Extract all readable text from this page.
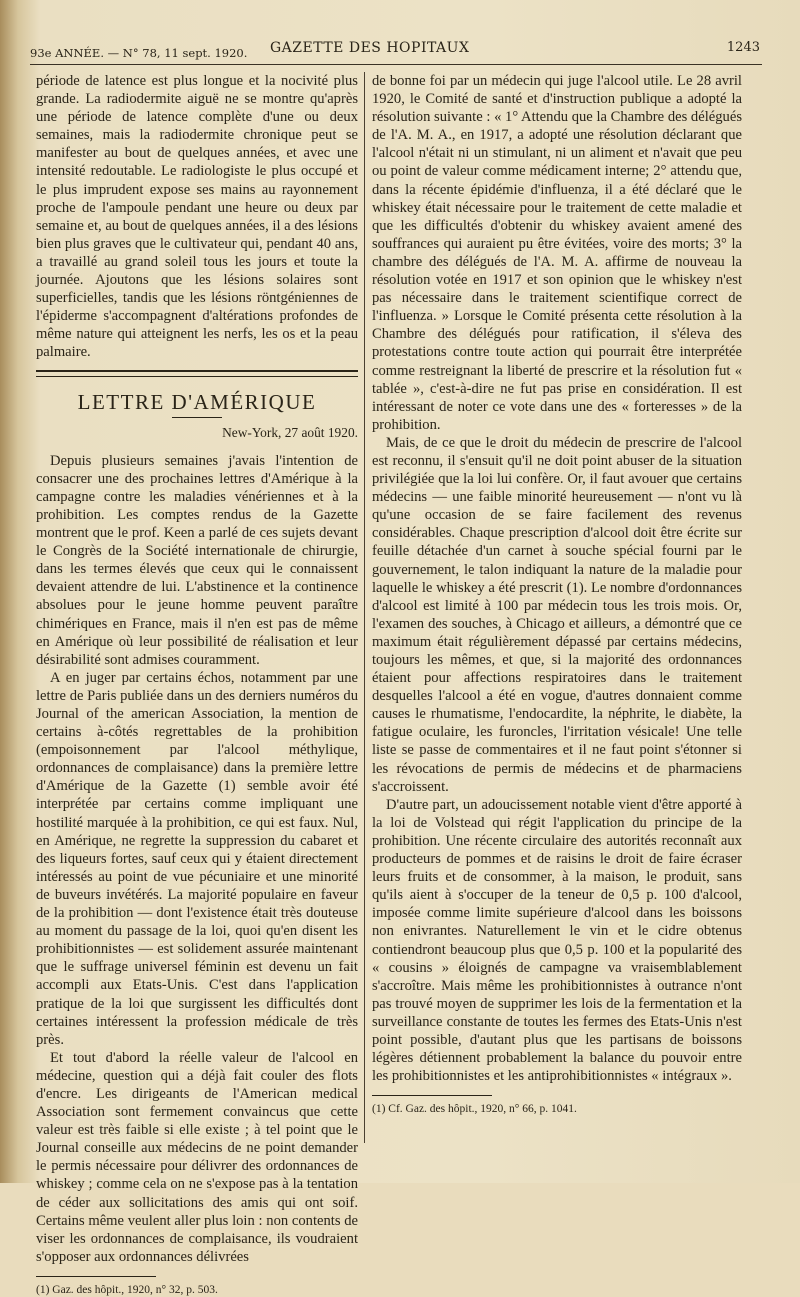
93e ANNÉE. — N° 78, 11 sept. 1920. GAZETTE DES HOPITAUX	1243

période de latence est plus longue et la nocivité plus grande. La radiodermite aiguë ne se montre qu'après une période de latence complète d'une ou deux semaines, mais la radiodermite chronique peut se manifester au bout de quelques années, et avec une intensité redoutable. Le radiologiste le plus occupé et le plus imprudent expose ses mains au rayonnement proche de l'ampoule pendant une heure ou deux par semaine et, au bout de quelques années, il a des lésions bien plus graves que le cultivateur qui, pendant 40 ans, a travaillé au grand soleil tous les jours et toute la journée. Ajoutons que les lésions solaires sont superficielles, tandis que les lésions röntgéniennes de l'épiderme s'accompagnent d'altérations profondes de même nature qui atteignent les nerfs, les os et la peau palmaire.

LETTRE D'AMÉRIQUE
New-York, 27 août 1920.

Depuis plusieurs semaines j'avais l'intention de consacrer une des prochaines lettres d'Amérique à la campagne contre les maladies vénériennes et à la prohibition. Les comptes rendus de la Gazette montrent que le prof. Keen a parlé de ces sujets devant le Congrès de la Société internationale de chirurgie, dans les termes élevés que ceux qui le connaissent devaient attendre de lui. L'abstinence et la continence absolues pour le jeune homme peuvent paraître chimériques en France, mais il n'en est pas de même en Amérique où leur possibilité de réalisation et leur désirabilité sont admises couramment.

A en juger par certains échos, notamment par une lettre de Paris publiée dans un des derniers numéros du Journal of the american Association, la mention de certains à-côtés regrettables de la prohibition (empoisonnement par l'alcool méthylique, ordonnances de complaisance) dans la première lettre d'Amérique de la Gazette (1) semble avoir été interprétée par certains comme impliquant une hostilité marquée à la prohibition, ce qui est faux. Nul, en Amérique, ne regrette la suppression du cabaret et des liqueurs fortes, sauf ceux qui y étaient directement intéressés au point de vue pécuniaire et une minorité de buveurs invétérés. La majorité populaire en faveur de la prohibition — dont l'existence était très douteuse au moment du passage de la loi, quoi qu'en disent les prohibitionnistes — est solidement assurée maintenant que le suffrage universel féminin est devenu un fait accompli aux Etats-Unis. C'est dans l'application pratique de la loi que surgissent les difficultés dont certaines intéressent la profession médicale de très près.

Et tout d'abord la réelle valeur de l'alcool en médecine, question qui a déjà fait couler des flots d'encre. Les dirigeants de l'American medical Association sont fermement convaincus que cette valeur est très faible si elle existe ; à tel point que le Journal conseille aux médecins de ne point demander le permis nécessaire pour délivrer des ordonnances de whiskey ; comme cela on ne s'expose pas à la tentation de céder aux sollicitations des amis qui ont soif. Certains même veulent aller plus loin : non contents de viser les ordonnances de complaisance, ils voudraient s'opposer aux ordonnances délivrées

(1) Gaz. des hôpit., 1920, n° 32, p. 503.

de bonne foi par un médecin qui juge l'alcool utile. Le 28 avril 1920, le Comité de santé et d'instruction publique a adopté la résolution suivante : « 1° Attendu que la Chambre des délégués de l'A. M. A., en 1917, a adopté une résolution déclarant que l'alcool n'était ni un stimulant, ni un aliment et n'avait que peu ou point de valeur comme médicament interne; 2° attendu que, dans la récente épidémie d'influenza, il a été déclaré que le whiskey était nécessaire pour le traitement de cette maladie et que les difficultés d'obtenir du whiskey avaient amené des souffrances qui auraient pu être évitées, voire des morts; 3° la chambre des délégués de l'A. M. A. affirme de nouveau la résolution votée en 1917 et son opinion que le whiskey n'est pas nécessaire dans le traitement scientifique correct de l'influenza. » Lorsque le Comité présenta cette résolution à la Chambre des délégués pour ratification, il s'éleva des protestations contre toute action qui pourrait être interprétée comme restreignant la liberté de prescrire et la résolution fut « tablée », c'est-à-dire ne fut pas prise en considération. Il est intéressant de noter ce vote dans une des « forteresses » de la prohibition.

Mais, de ce que le droit du médecin de prescrire de l'alcool est reconnu, il s'ensuit qu'il ne doit point abuser de la situation privilégiée que la loi lui confère. Or, il faut avouer que certains médecins — une faible minorité heureusement — n'ont vu là qu'une occasion de se faire facilement des revenus considérables. Chaque prescription d'alcool doit être écrite sur feuille détachée d'un carnet à souche spécial fourni par le gouvernement, le talon indiquant la nature de la maladie pour laquelle le whiskey a été prescrit (1). Le nombre d'ordonnances d'alcool est limité à 100 par médecin tous les trois mois. Or, l'examen des souches, à Chicago et ailleurs, a démontré que ce maximum était régulièrement dépassé par certains médecins, toujours les mêmes, et que, si la majorité des ordonnances étaient pour affections respiratoires dans le traitement desquelles l'alcool a été en vogue, d'autres donnaient comme causes le rhumatisme, l'endocardite, la néphrite, le diabète, la fatigue oculaire, les furoncles, l'irritation vésicale! Une telle liste se passe de commentaires et il ne faut point s'étonner si les révocations de permis de médecins et de pharmaciens s'accroissent.

D'autre part, un adoucissement notable vient d'être apporté à la loi de Volstead qui régit l'application du principe de la prohibition. Une récente circulaire des autorités reconnaît aux producteurs de pommes et de raisins le droit de faire écraser leurs fruits et de consommer, à la maison, le produit, sans qu'ils aient à s'occuper de la teneur de 0,5 p. 100 d'alcool, imposée comme limite supérieure d'alcool dans les boissons non enivrantes. Naturellement le vin et le cidre obtenus contiendront beaucoup plus que 0,5 p. 100 et la popularité des « cousins » éloignés de campagne va vraisemblablement s'accroître. Mais même les prohibitionnistes à outrance n'ont pas trouvé moyen de supprimer les lois de la fermentation et la surveillance constante de toutes les fermes des Etats-Unis n'est point possible, d'autant plus que les partisans de boissons légères détiennent probablement la balance du pouvoir entre les prohibitionnistes et les antiprohibitionnistes « intégraux ».

(1) Cf. Gaz. des hôpit., 1920, n° 66, p. 1041.
